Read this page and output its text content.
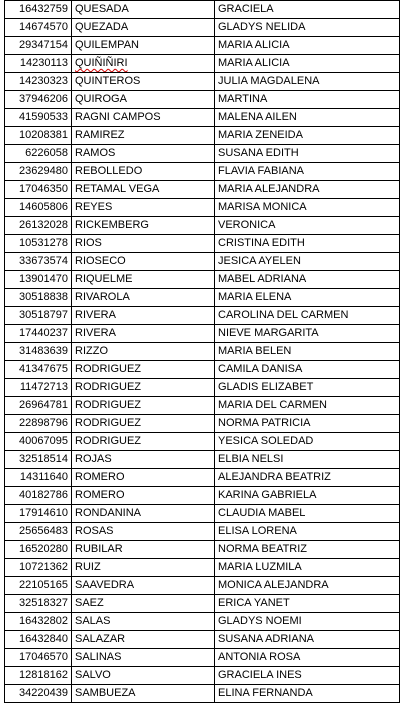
16432759	QUESADA	GRACIELA
14674570	QUEZADA	GLADYS NELIDA
29347154	QUILEMPAN	MARIA ALICIA
14230113	QUIÑIÑIRI	MARIA ALICIA
14230323	QUINTEROS	JULIA MAGDALENA
37946206	QUIROGA	MARTINA
41590533	RAGNI CAMPOS	MALENA AILEN
10208381	RAMIREZ	MARIA ZENEIDA
6226058	RAMOS	SUSANA EDITH
23629480	REBOLLEDO	FLAVIA FABIANA
17046350	RETAMAL VEGA	MARIA ALEJANDRA
14605806	REYES	MARISA MONICA
26132028	RICKEMBERG	VERONICA
10531278	RIOS	CRISTINA EDITH
33673574	RIOSECO	JESICA AYELEN
13901470	RIQUELME	MABEL ADRIANA
30518838	RIVAROLA	MARIA ELENA
30518797	RIVERA	CAROLINA DEL CARMEN
17440237	RIVERA	NIEVE MARGARITA
31483639	RIZZO	MARIA BELEN
41347675	RODRIGUEZ	CAMILA DANISA
11472713	RODRIGUEZ	GLADIS ELIZABET
26964781	RODRIGUEZ	MARIA DEL CARMEN
22898796	RODRIGUEZ	NORMA PATRICIA
40067095	RODRIGUEZ	YESICA SOLEDAD
32518514	ROJAS	ELBIA NELSI
14311640	ROMERO	ALEJANDRA BEATRIZ
40182786	ROMERO	KARINA GABRIELA
17914610	RONDANINA	CLAUDIA MABEL
25656483	ROSAS	ELISA LORENA
16520280	RUBILAR	NORMA BEATRIZ
10721362	RUIZ	MARIA LUZMILA
22105165	SAAVEDRA	MONICA ALEJANDRA
32518327	SAEZ	ERICA YANET
16432802	SALAS	GLADYS NOEMI
16432840	SALAZAR	SUSANA ADRIANA
17046570	SALINAS	ANTONIA ROSA
12818162	SALVO	GRACIELA INES
34220439	SAMBUEZA	ELINA FERNANDA
